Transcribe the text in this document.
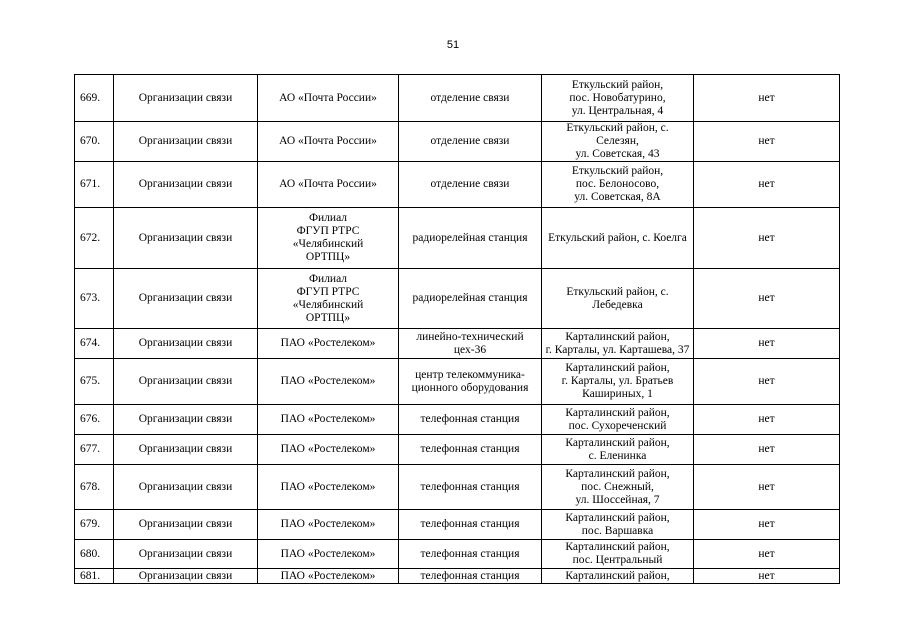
51
669.	Организации связи	АО «Почта России»	отделение связи	Еткульский район,
пос. Новобатурино,
ул. Центральная, 4	нет
670.	Организации связи	АО «Почта России»	отделение связи	Еткульский район, с. Селезян,
ул. Советская, 43	нет
671.	Организации связи	АО «Почта России»	отделение связи	Еткульский район,
пос. Белоносово,
ул. Советская, 8А	нет
672.	Организации связи	Филиал
ФГУП РТРС
«Челябинский
ОРТПЦ»	радиорелейная станция	Еткульский район, с. Коелга	нет
673.	Организации связи	Филиал
ФГУП РТРС
«Челябинский
ОРТПЦ»	радиорелейная станция	Еткульский район, с. Лебедевка	нет
674.	Организации связи	ПАО «Ростелеком»	линейно-технический
цех-36	Карталинский район,
г. Карталы, ул. Карташева, 37	нет
675.	Организации связи	ПАО «Ростелеком»	центр телекоммуника-
ционного оборудования	Карталинский район,
г. Карталы, ул. Братьев
Кашириных, 1	нет
676.	Организации связи	ПАО «Ростелеком»	телефонная станция	Карталинский район,
пос. Сухореченский	нет
677.	Организации связи	ПАО «Ростелеком»	телефонная станция	Карталинский район,
с. Еленинка	нет
678.	Организации связи	ПАО «Ростелеком»	телефонная станция	Карталинский район,
пос. Снежный,
ул. Шоссейная, 7	нет
679.	Организации связи	ПАО «Ростелеком»	телефонная станция	Карталинский район,
пос. Варшавка	нет
680.	Организации связи	ПАО «Ростелеком»	телефонная станция	Карталинский район,
пос. Центральный	нет
681.	Организации связи	ПАО «Ростелеком»	телефонная станция	Карталинский район,	нет
